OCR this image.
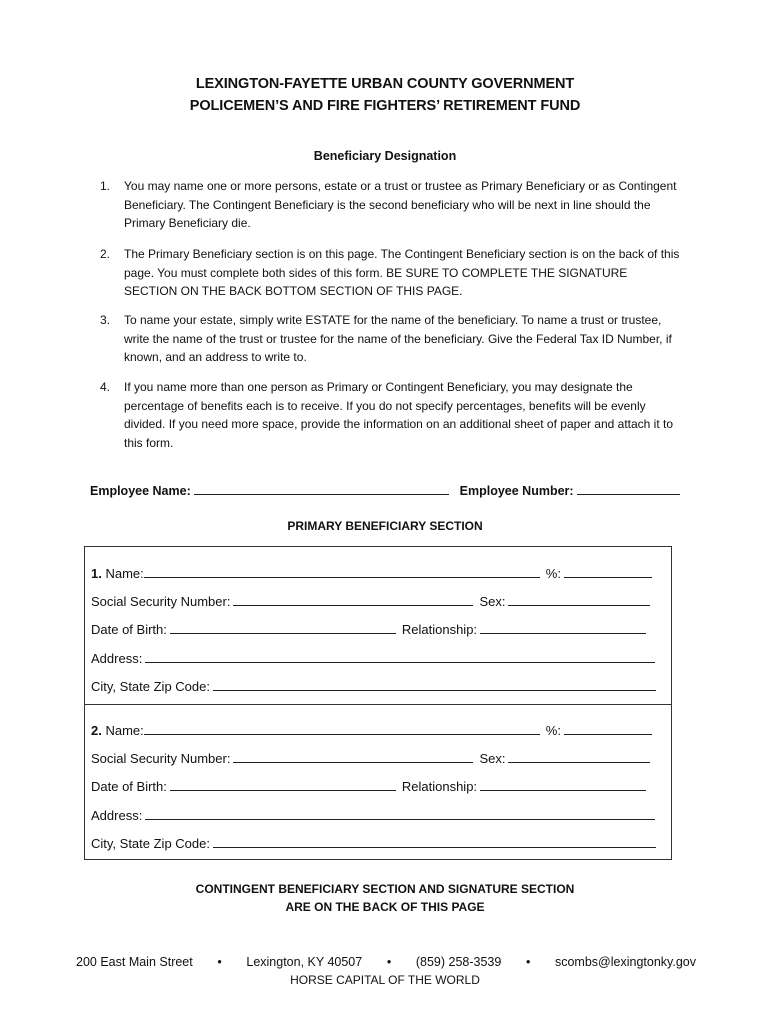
LEXINGTON-FAYETTE URBAN COUNTY GOVERNMENT
POLICEMEN’S AND FIRE FIGHTERS’ RETIREMENT FUND
Beneficiary Designation
1. You may name one or more persons, estate or a trust or trustee as Primary Beneficiary or as Contingent Beneficiary. The Contingent Beneficiary is the second beneficiary who will be next in line should the Primary Beneficiary die.
2. The Primary Beneficiary section is on this page. The Contingent Beneficiary section is on the back of this page. You must complete both sides of this form. BE SURE TO COMPLETE THE SIGNATURE SECTION ON THE BACK BOTTOM SECTION OF THIS PAGE.
3. To name your estate, simply write ESTATE for the name of the beneficiary. To name a trust or trustee, write the name of the trust or trustee for the name of the beneficiary. Give the Federal Tax ID Number, if known, and an address to write to.
4. If you name more than one person as Primary or Contingent Beneficiary, you may designate the percentage of benefits each is to receive. If you do not specify percentages, benefits will be evenly divided. If you need more space, provide the information on an additional sheet of paper and attach it to this form.
Employee Name:	Employee Number:
PRIMARY BENEFICIARY SECTION
1.
Name:	%:
Social Security Number:	Sex:
Date of Birth:	Relationship:
Address:
City, State Zip Code:
2.
Name:	%:
Social Security Number:	Sex:
Date of Birth:	Relationship:
Address:
City, State Zip Code:
CONTINGENT BENEFICIARY SECTION AND SIGNATURE SECTION
ARE ON THE BACK OF THIS PAGE
200 East Main Street • Lexington, KY 40507 • (859) 258-3539 • scombs@lexingtonky.gov
HORSE CAPITAL OF THE WORLD
